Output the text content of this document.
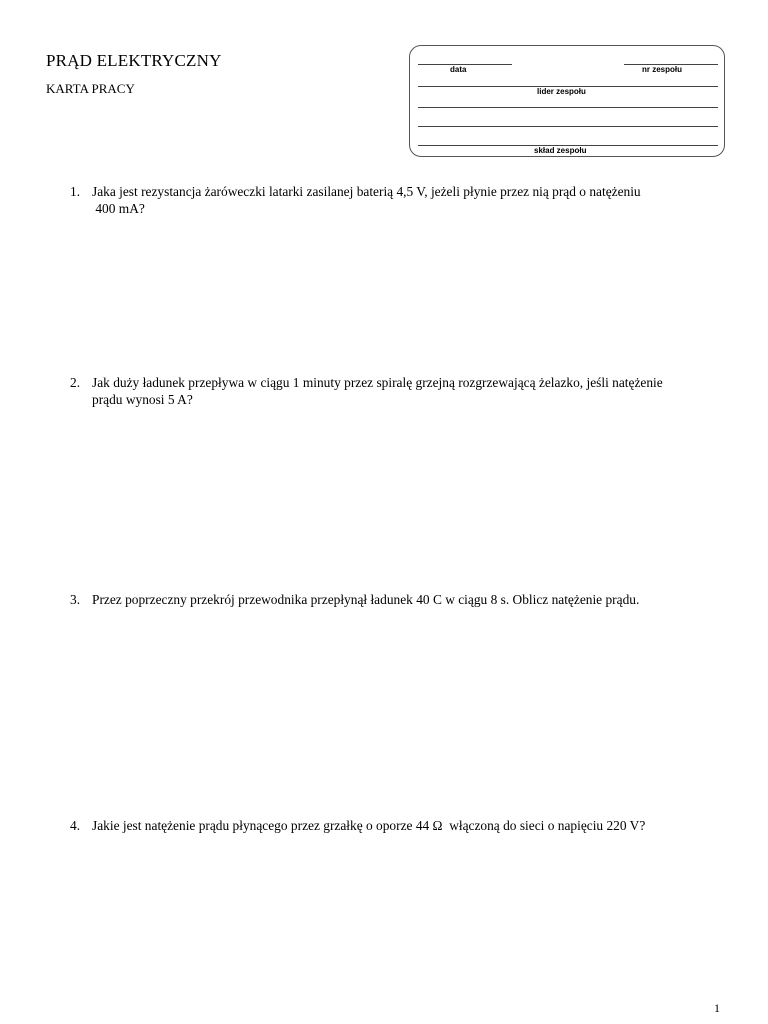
PRĄD ELEKTRYCZNY
KARTA PRACY
data	nr zespołu
lider zespołu
skład zespołu
1. Jaka jest rezystancja żaróweczki latarki zasilanej baterią 4,5 V, jeżeli płynie przez nią prąd o natężeniu
400 mA?
2. Jak duży ładunek przepływa w ciągu 1 minuty przez spiralę grzejną rozgrzewającą żelazko, jeśli natężenie
prądu wynosi 5 A?
3. Przez poprzeczny przekrój przewodnika przepłynął ładunek 40 C w ciągu 8 s. Oblicz natężenie prądu.
4. Jakie jest natężenie prądu płynącego przez grzałkę o oporze 44 Ω  włączoną do sieci o napięciu 220 V?
1
